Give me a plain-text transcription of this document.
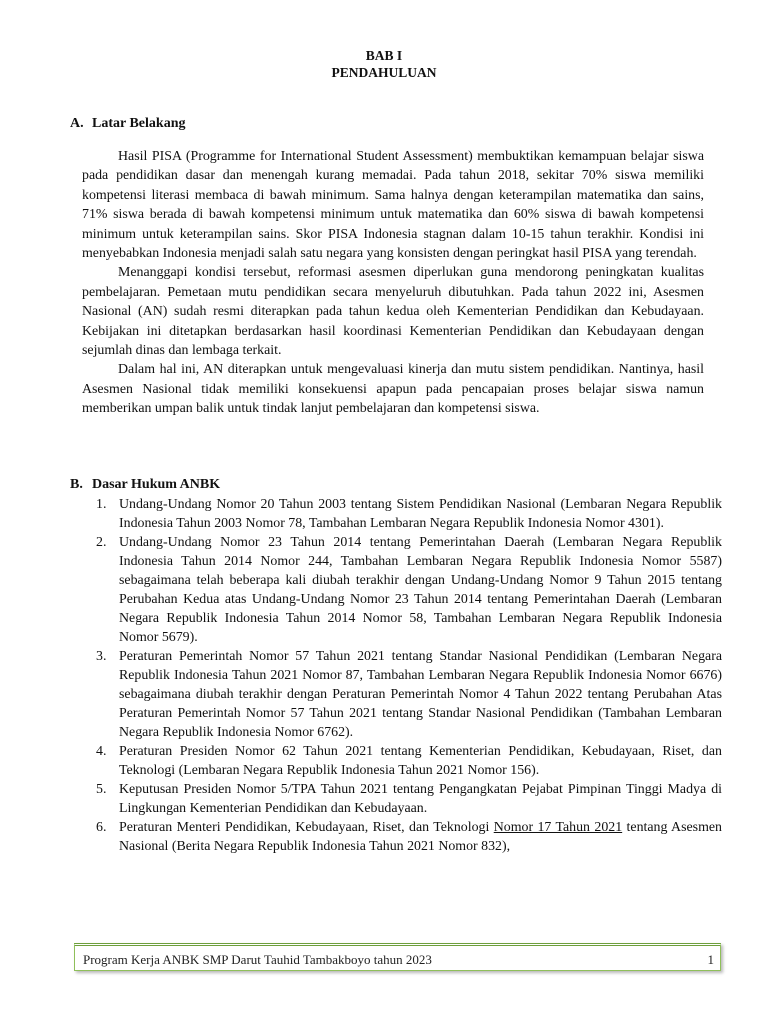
BAB I
PENDAHULUAN
A. Latar Belakang

Hasil PISA (Programme for International Student Assessment) membuktikan kemampuan belajar siswa pada pendidikan dasar dan menengah kurang memadai. Pada tahun 2018, sekitar 70% siswa memiliki kompetensi literasi membaca di bawah minimum. Sama halnya dengan keterampilan matematika dan sains, 71% siswa berada di bawah kompetensi minimum untuk matematika dan 60% siswa di bawah kompetensi minimum untuk keterampilan sains. Skor PISA Indonesia stagnan dalam 10-15 tahun terakhir. Kondisi ini menyebabkan Indonesia menjadi salah satu negara yang konsisten dengan peringkat hasil PISA yang terendah.

Menanggapi kondisi tersebut, reformasi asesmen diperlukan guna mendorong peningkatan kualitas pembelajaran. Pemetaan mutu pendidikan secara menyeluruh dibutuhkan. Pada tahun 2022 ini, Asesmen Nasional (AN) sudah resmi diterapkan pada tahun kedua oleh Kementerian Pendidikan dan Kebudayaan. Kebijakan ini ditetapkan berdasarkan hasil koordinasi Kementerian Pendidikan dan Kebudayaan dengan sejumlah dinas dan lembaga terkait.

Dalam hal ini, AN diterapkan untuk mengevaluasi kinerja dan mutu sistem pendidikan. Nantinya, hasil Asesmen Nasional tidak memiliki konsekuensi apapun pada pencapaian proses belajar siswa namun memberikan umpan balik untuk tindak lanjut pembelajaran dan kompetensi siswa.

B. Dasar Hukum ANBK
1. Undang-Undang Nomor 20 Tahun 2003 tentang Sistem Pendidikan Nasional (Lembaran Negara Republik Indonesia Tahun 2003 Nomor 78, Tambahan Lembaran Negara Republik Indonesia Nomor 4301).
2. Undang-Undang Nomor 23 Tahun 2014 tentang Pemerintahan Daerah (Lembaran Negara Republik Indonesia Tahun 2014 Nomor 244, Tambahan Lembaran Negara Republik Indonesia Nomor 5587) sebagaimana telah beberapa kali diubah terakhir dengan Undang-Undang Nomor 9 Tahun 2015 tentang Perubahan Kedua atas Undang-Undang Nomor 23 Tahun 2014 tentang Pemerintahan Daerah (Lembaran Negara Republik Indonesia Tahun 2014 Nomor 58, Tambahan Lembaran Negara Republik Indonesia Nomor 5679).
3. Peraturan Pemerintah Nomor 57 Tahun 2021 tentang Standar Nasional Pendidikan (Lembaran Negara Republik Indonesia Tahun 2021 Nomor 87, Tambahan Lembaran Negara Republik Indonesia Nomor 6676) sebagaimana diubah terakhir dengan Peraturan Pemerintah Nomor 4 Tahun 2022 tentang Perubahan Atas Peraturan Pemerintah Nomor 57 Tahun 2021 tentang Standar Nasional Pendidikan (Tambahan Lembaran Negara Republik Indonesia Nomor 6762).
4. Peraturan Presiden Nomor 62 Tahun 2021 tentang Kementerian Pendidikan, Kebudayaan, Riset, dan Teknologi (Lembaran Negara Republik Indonesia Tahun 2021 Nomor 156).
5. Keputusan Presiden Nomor 5/TPA Tahun 2021 tentang Pengangkatan Pejabat Pimpinan Tinggi Madya di Lingkungan Kementerian Pendidikan dan Kebudayaan.
6. Peraturan Menteri Pendidikan, Kebudayaan, Riset, dan Teknologi Nomor 17 Tahun 2021 tentang Asesmen Nasional (Berita Negara Republik Indonesia Tahun 2021 Nomor 832),
Program Kerja ANBK SMP Darut Tauhid Tambakboyo tahun 2023	1
